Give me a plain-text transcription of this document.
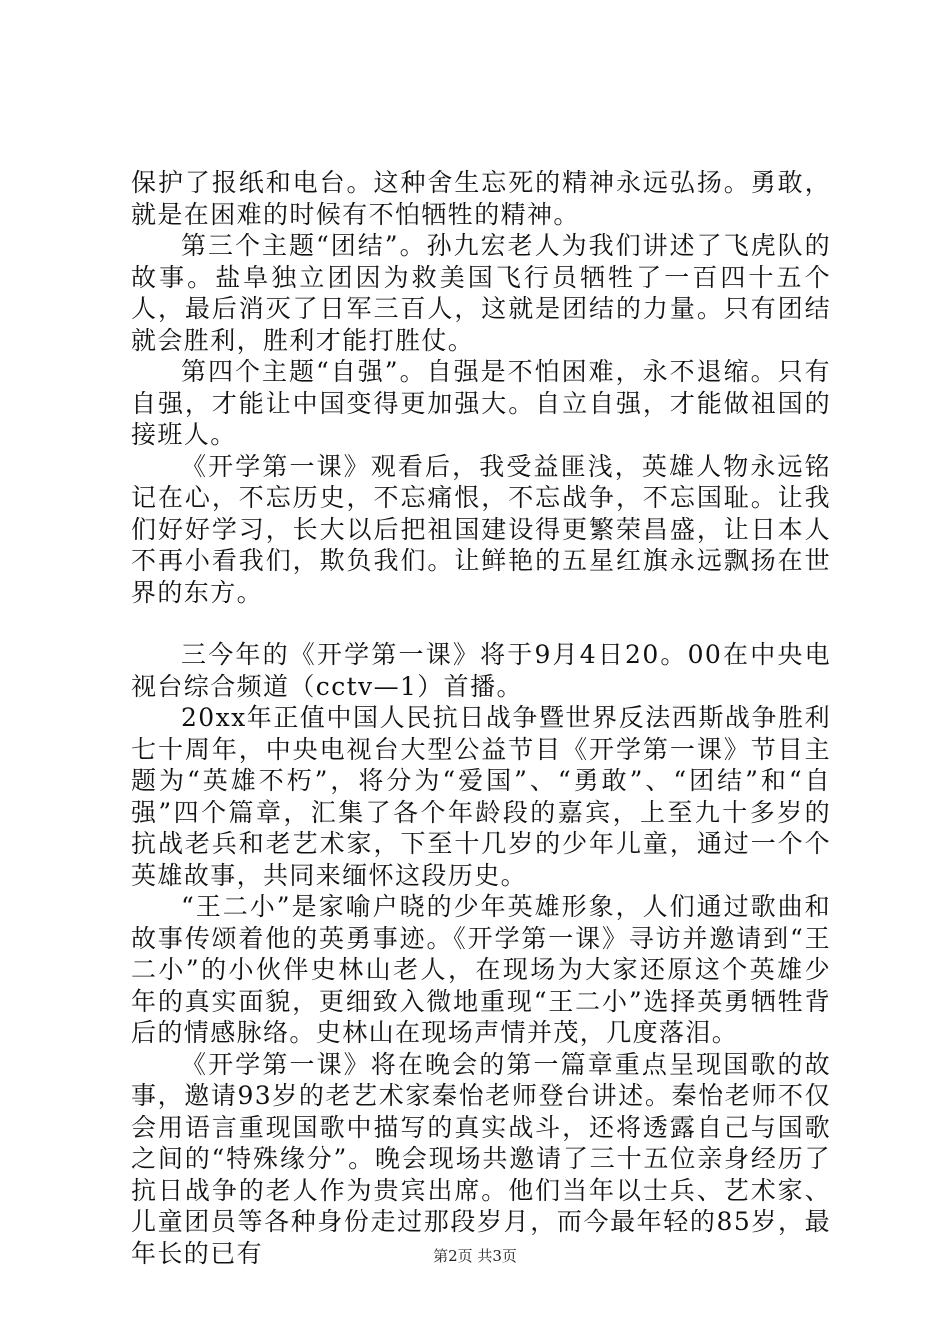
保护了报纸和电台。这种舍生忘死的精神永远弘扬。勇敢，就是在困难的时候有不怕牺牲的精神。

第三个主题“团结”。孙九宏老人为我们讲述了飞虎队的故事。盐阜独立团因为救美国飞行员牺牲了一百四十五个人，最后消灭了日军三百人，这就是团结的力量。只有团结就会胜利，胜利才能打胜仗。

第四个主题“自强”。自强是不怕困难，永不退缩。只有自强，才能让中国变得更加强大。自立自强，才能做祖国的接班人。

《开学第一课》观看后，我受益匪浅，英雄人物永远铭记在心，不忘历史，不忘痛恨，不忘战争，不忘国耻。让我们好好学习，长大以后把祖国建设得更繁荣昌盛，让日本人不再小看我们，欺负我们。让鲜艳的五星红旗永远飘扬在世界的东方。

三今年的《开学第一课》将于9月4日20。00在中央电视台综合频道（cctv—1）首播。

20xx年正值中国人民抗日战争暨世界反法西斯战争胜利七十周年，中央电视台大型公益节目《开学第一课》节目主题为“英雄不朽”，将分为“爱国”、“勇敢”、“团结”和“自强”四个篇章，汇集了各个年龄段的嘉宾，上至九十多岁的抗战老兵和老艺术家，下至十几岁的少年儿童，通过一个个英雄故事，共同来缅怀这段历史。

“王二小”是家喻户晓的少年英雄形象，人们通过歌曲和故事传颂着他的英勇事迹。《开学第一课》寻访并邀请到“王二小”的小伙伴史林山老人，在现场为大家还原这个英雄少年的真实面貌，更细致入微地重现“王二小”选择英勇牺牲背后的情感脉络。史林山在现场声情并茂，几度落泪。

《开学第一课》将在晚会的第一篇章重点呈现国歌的故事，邀请93岁的老艺术家秦怡老师登台讲述。秦怡老师不仅会用语言重现国歌中描写的真实战斗，还将透露自己与国歌之间的“特殊缘分”。晚会现场共邀请了三十五位亲身经历了抗日战争的老人作为贵宾出席。他们当年以士兵、艺术家、儿童团员等各种身份走过那段岁月，而今最年轻的85岁，最年长的已有	第2页 共3页
